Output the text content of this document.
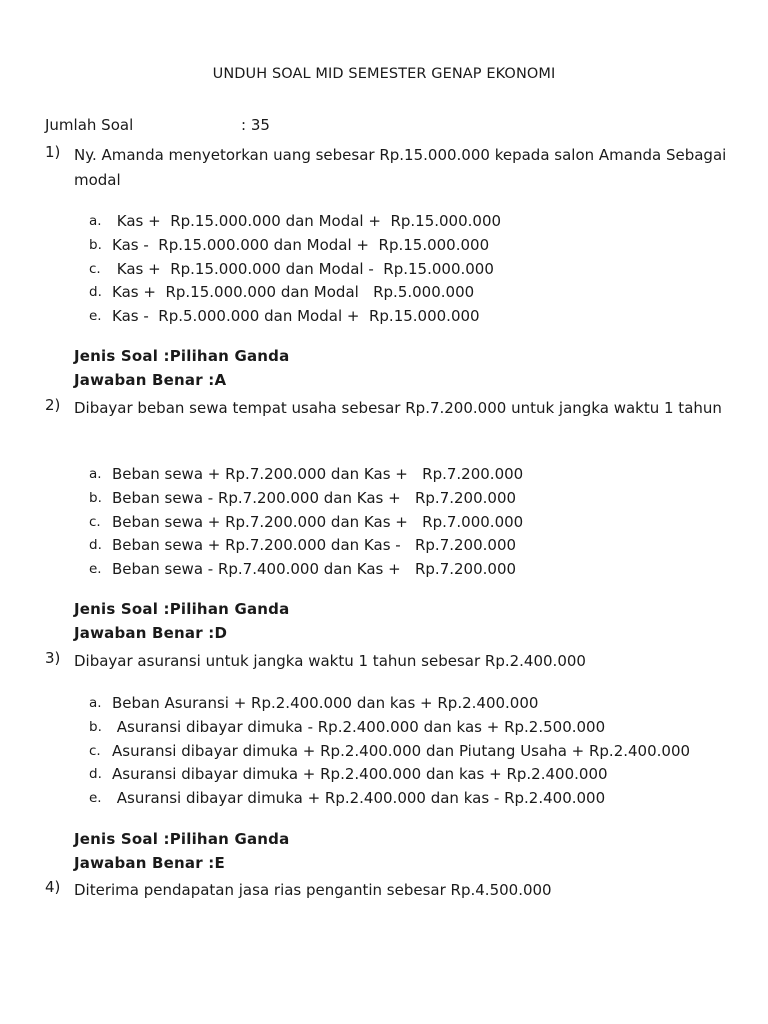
UNDUH SOAL MID SEMESTER GENAP EKONOMI
Jumlah Soal	: 35
1) Ny. Amanda menyetorkan uang sebesar Rp.15.000.000 kepada salon Amanda Sebagai modal
a. Kas +  Rp.15.000.000 dan Modal +  Rp.15.000.000
b. Kas -  Rp.15.000.000 dan Modal +  Rp.15.000.000
c. Kas +  Rp.15.000.000 dan Modal -  Rp.15.000.000
d. Kas +  Rp.15.000.000 dan Modal   Rp.5.000.000
e. Kas -  Rp.5.000.000 dan Modal +  Rp.15.000.000
Jenis Soal :Pilihan Ganda
Jawaban Benar :A
2) Dibayar beban sewa tempat usaha sebesar Rp.7.200.000 untuk jangka waktu 1 tahun
a. Beban sewa + Rp.7.200.000 dan Kas +   Rp.7.200.000
b. Beban sewa - Rp.7.200.000 dan Kas +   Rp.7.200.000
c. Beban sewa + Rp.7.200.000 dan Kas +   Rp.7.000.000
d. Beban sewa + Rp.7.200.000 dan Kas -   Rp.7.200.000
e. Beban sewa - Rp.7.400.000 dan Kas +   Rp.7.200.000
Jenis Soal :Pilihan Ganda
Jawaban Benar :D
3) Dibayar asuransi untuk jangka waktu 1 tahun sebesar Rp.2.400.000
a. Beban Asuransi + Rp.2.400.000 dan kas + Rp.2.400.000
b. Asuransi dibayar dimuka - Rp.2.400.000 dan kas + Rp.2.500.000
c. Asuransi dibayar dimuka + Rp.2.400.000 dan Piutang Usaha + Rp.2.400.000
d. Asuransi dibayar dimuka + Rp.2.400.000 dan kas + Rp.2.400.000
e. Asuransi dibayar dimuka + Rp.2.400.000 dan kas - Rp.2.400.000
Jenis Soal :Pilihan Ganda
Jawaban Benar :E
4) Diterima pendapatan jasa rias pengantin sebesar Rp.4.500.000
